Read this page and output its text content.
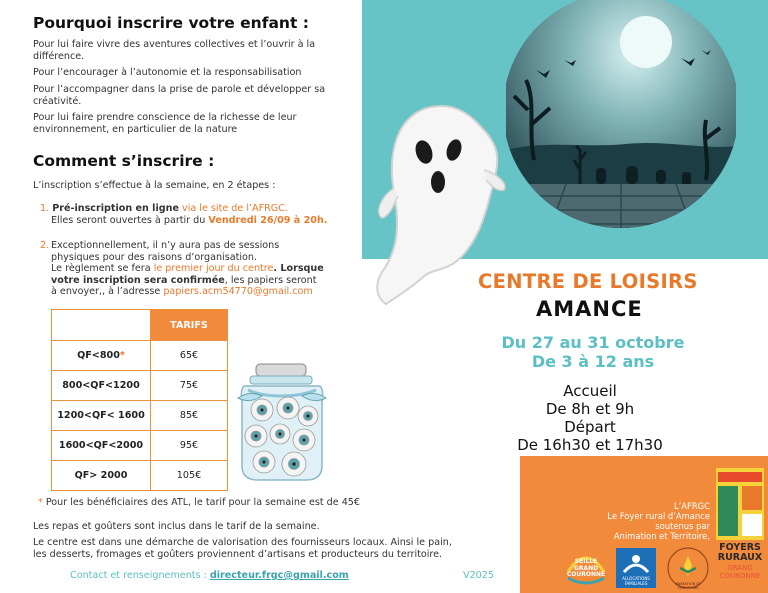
Pourquoi inscrire votre enfant :
Pour lui faire vivre des aventures collectives et l’ouvrir à la différence.
Pour l’encourager à l’autonomie et la responsabilisation
Pour l’accompagner dans la prise de parole et développer sa créativité.
Pour lui faire prendre conscience de la richesse de leur environnement, en particulier de la nature
Comment s’inscrire :
L’inscription s’effectue à la semaine, en 2 étapes :
1. Pré-inscription en ligne via le site de l’AFRGC.
Elles seront ouvertes à partir du Vendredi 26/09 à 20h.
2. Exceptionnellement, il n’y aura pas de sessions physiques pour des raisons d’organisation.
Le règlement se fera le premier jour du centre. Lorsque votre inscription sera confirmée, les papiers seront à envoyer,, à l’adresse papiers.acm54770@gmail.com
	TARIFS
QF<800*	65€
800<QF<1200	75€
1200<QF< 1600	85€
1600<QF<2000	95€
QF> 2000	105€
* Pour les bénéficiaires des ATL, le tarif pour la semaine est de 45€
Les repas et goûters sont inclus dans le tarif de la semaine.
Le centre est dans une démarche de valorisation des fournisseurs locaux. Ainsi le pain, les desserts, fromages et goûters proviennent d’artisans et producteurs du territoire.
Contact et renseignements : directeur.frgc@gmail.com	V2025
CENTRE DE LOISIRS
AMANCE
Du 27 au 31 octobre
De 3 à 12 ans
Accueil
De 8h et 9h
Départ
De 16h30 et 17h30
L’AFRGC
Le Foyer rural d’Amance
soutenus par
Animation et Territoire,
SEILLE
GRAND
COURONNE
ALLOCATIONS FAMILIALES	ANIMATION ET TERRITOIRE
FOYERS
RURAUX
GRAND
COURONNE
